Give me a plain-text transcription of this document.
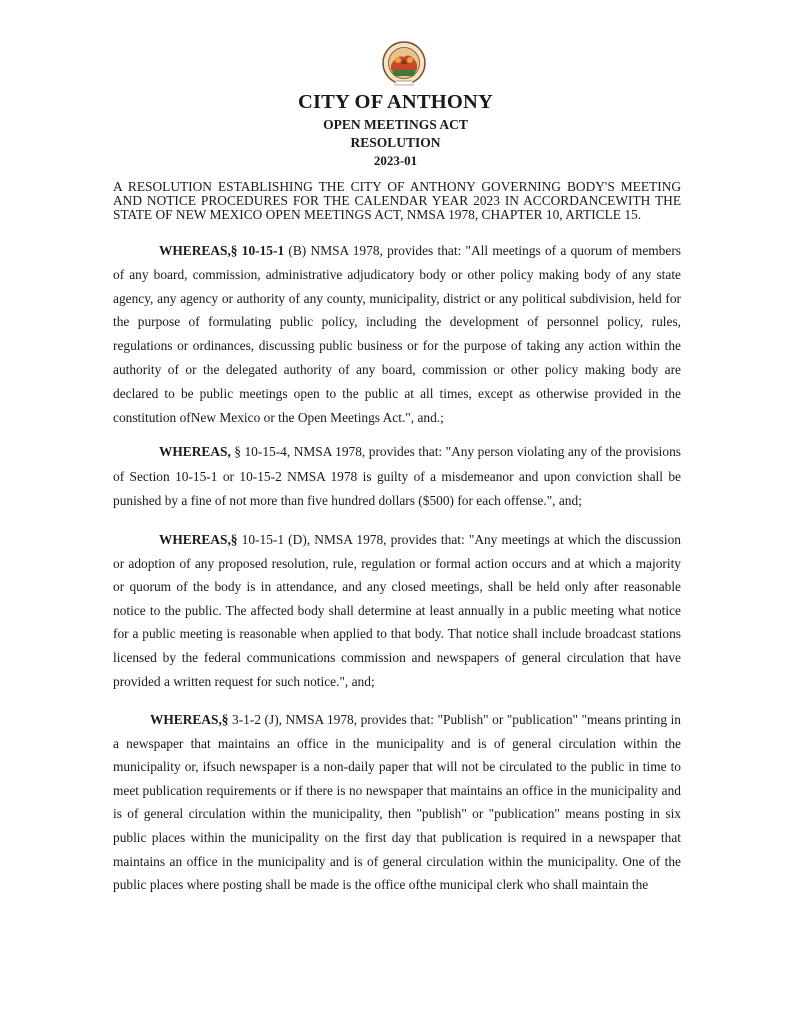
CITY OF ANTHONY
OPEN MEETINGS ACT
RESOLUTION
2023-01
A RESOLUTION ESTABLISHING THE CITY OF ANTHONY GOVERNING BODY'S MEETING AND NOTICE PROCEDURES FOR THE CALENDAR YEAR 2023 IN ACCORDANCEWITH THE STATE OF NEW MEXICO OPEN MEETINGS ACT, NMSA 1978, CHAPTER 10, ARTICLE 15.

WHEREAS,§ 10-15-1 (B) NMSA 1978, provides that: "All meetings of a quorum of members of any board, commission, administrative adjudicatory body or other policy making body of any state agency, any agency or authority of any county, municipality, district or any political subdivision, held for the purpose of formulating public policy, including the development of personnel policy, rules, regulations or ordinances, discussing public business or for the purpose of taking any action within the authority of or the delegated authority of any board, commission or other policy making body are declared to be public meetings open to the public at all times, except as otherwise provided in the constitution ofNew Mexico or the Open Meetings Act.", and.;

WHEREAS, § 10-15-4, NMSA 1978, provides that: "Any person violating any of the provisions of Section 10-15-1 or 10-15-2 NMSA 1978 is guilty of a misdemeanor and upon conviction shall be punished by a fine of not more than five hundred dollars ($500) for each offense.", and;

WHEREAS,§ 10-15-1 (D), NMSA 1978, provides that: "Any meetings at which the discussion or adoption of any proposed resolution, rule, regulation or formal action occurs and at which a majority or quorum of the body is in attendance, and any closed meetings, shall be held only after reasonable notice to the public. The affected body shall determine at least annually in a public meeting what notice for a public meeting is reasonable when applied to that body. That notice shall include broadcast stations licensed by the federal communications commission and newspapers of general circulation that have provided a written request for such notice.", and;

WHEREAS,§ 3-1-2 (J), NMSA 1978, provides that: "Publish" or "publication" "means printing in a newspaper that maintains an office in the municipality and is of general circulation within the municipality or, ifsuch newspaper is a non-daily paper that will not be circulated to the public in time to meet publication requirements or if there is no newspaper that maintains an office in the municipality and is of general circulation within the municipality, then "publish" or "publication" means posting in six public places within the municipality on the first day that publication is required in a newspaper that maintains an office in the municipality and is of general circulation within the municipality. One of the public places where posting shall be made is the office ofthe municipal clerk who shall maintain the
